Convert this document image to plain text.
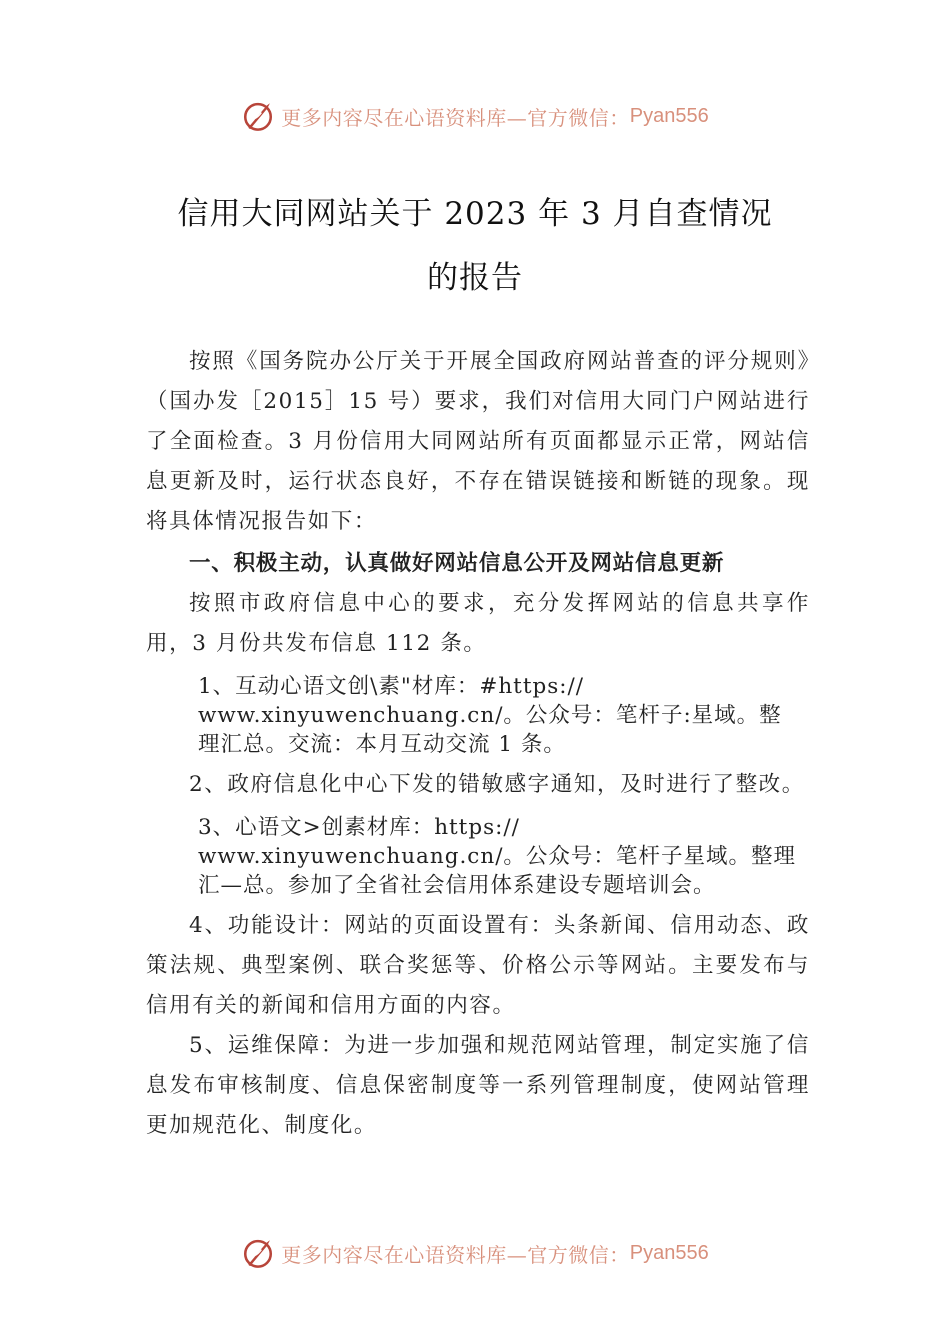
更多内容尽在心语资料库—官方微信： Pyan556
信用大同网站关于 2023 年 3 月自查情况
的报告

按照《国务院办公厅关于开展全国政府网站普查的评分规则》（国办发［2015］15 号）要求，我们对信用大同门户网站进行了全面检查。3 月份信用大同网站所有页面都显示正常，网站信息更新及时，运行状态良好，不存在错误链接和断链的现象。现将具体情况报告如下：

一、积极主动，认真做好网站信息公开及网站信息更新

按照市政府信息中心的要求，充分发挥网站的信息共享作用，3 月份共发布信息 112 条。

1、互动心语文创\素"材库：#https://
www.xinyuwenchuang.cn/。公众号：笔杆子:星域。整
理汇总。交流：本月互动交流 1 条。

2、政府信息化中心下发的错敏感字通知，及时进行了整改。

3、心语文>创素材库：https://
www.xinyuwenchuang.cn/。公众号：笔杆子星域。整理
汇—总。参加了全省社会信用体系建设专题培训会。

4、功能设计：网站的页面设置有：头条新闻、信用动态、政策法规、典型案例、联合奖惩等、价格公示等网站。主要发布与信用有关的新闻和信用方面的内容。

5、运维保障：为进一步加强和规范网站管理，制定实施了信息发布审核制度、信息保密制度等一系列管理制度，使网站管理更加规范化、制度化。

更多内容尽在心语资料库—官方微信： Pyan556
